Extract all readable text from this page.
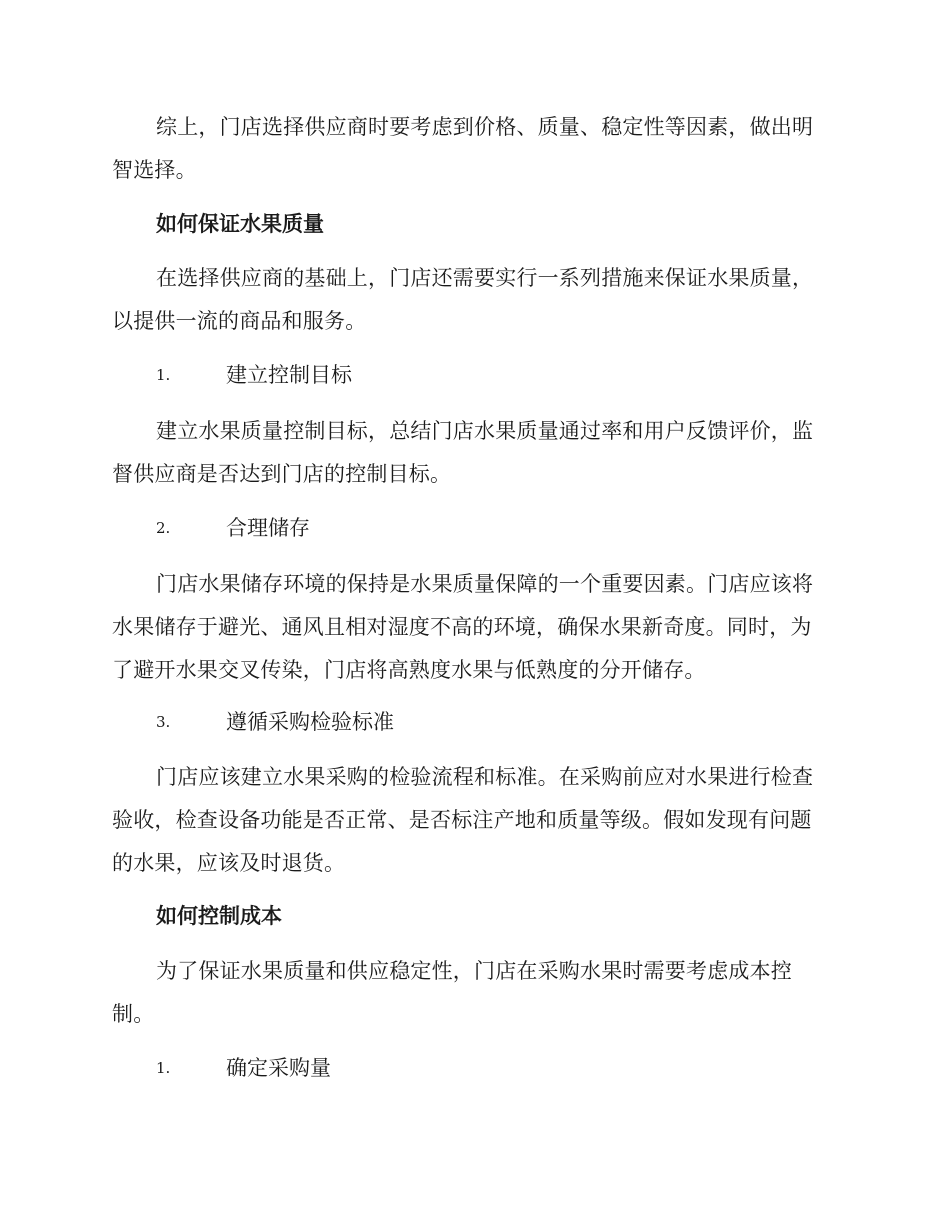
综上，门店选择供应商时要考虑到价格、质量、稳定性等因素，做出明智选择。

如何保证水果质量

在选择供应商的基础上，门店还需要实行一系列措施来保证水果质量，以提供一流的商品和服务。

1.	建立控制目标

建立水果质量控制目标，总结门店水果质量通过率和用户反馈评价，监督供应商是否达到门店的控制目标。

2.	合理储存

门店水果储存环境的保持是水果质量保障的一个重要因素。门店应该将水果储存于避光、通风且相对湿度不高的环境，确保水果新奇度。同时，为了避开水果交叉传染，门店将高熟度水果与低熟度的分开储存。

3.	遵循采购检验标准

门店应该建立水果采购的检验流程和标准。在采购前应对水果进行检查验收，检查设备功能是否正常、是否标注产地和质量等级。假如发现有问题的水果，应该及时退货。

如何控制成本

为了保证水果质量和供应稳定性，门店在采购水果时需要考虑成本控制。

1.	确定采购量
